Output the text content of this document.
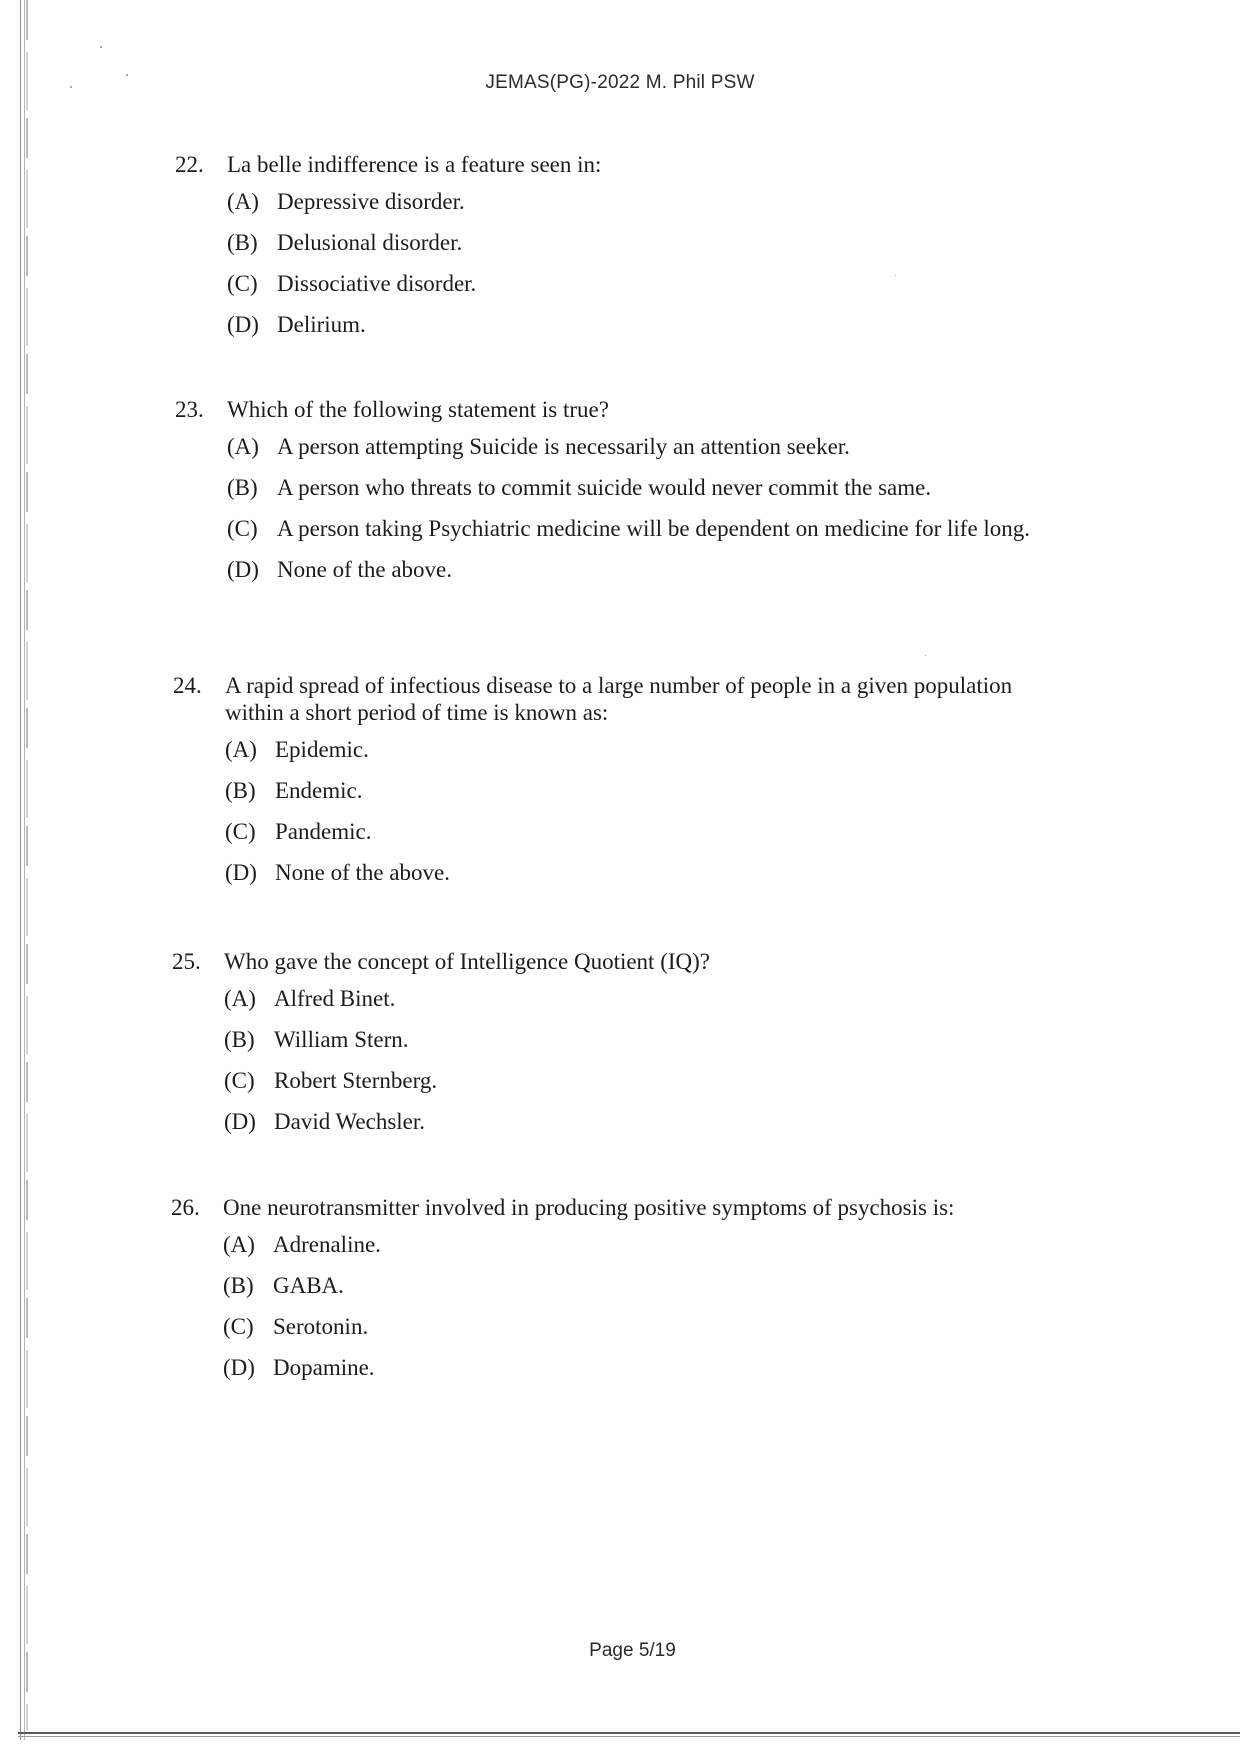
JEMAS(PG)-2022 M. Phil PSW
22.	La belle indifference is a feature seen in:
(A) Depressive disorder.
(B) Delusional disorder.
(C) Dissociative disorder.
(D) Delirium.
23.	Which of the following statement is true?
(A) A person attempting Suicide is necessarily an attention seeker.
(B) A person who threats to commit suicide would never commit the same.
(C) A person taking Psychiatric medicine will be dependent on medicine for life long.
(D) None of the above.
24.	A rapid spread of infectious disease to a large number of people in a given population within a short period of time is known as:
(A) Epidemic.
(B) Endemic.
(C) Pandemic.
(D) None of the above.
25.	Who gave the concept of Intelligence Quotient (IQ)?
(A) Alfred Binet.
(B) William Stern.
(C) Robert Sternberg.
(D) David Wechsler.
26.	One neurotransmitter involved in producing positive symptoms of psychosis is:
(A) Adrenaline.
(B) GABA.
(C) Serotonin.
(D) Dopamine.
Page 5/19
